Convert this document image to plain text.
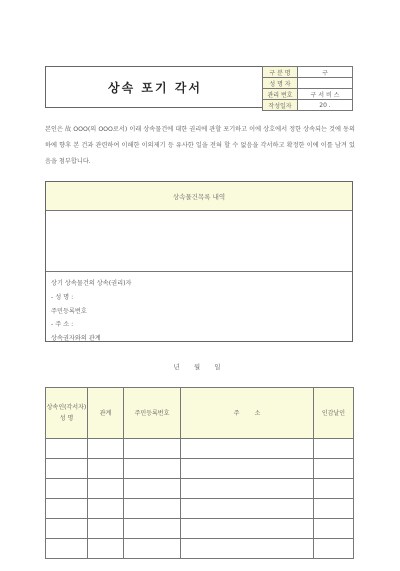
상속 포기 각서
구 분 명	구
성 명 자	
관리 번호	구 서 비 스
작성일자	20 .
본인은 故 OOO(의 OOO로서) 이래 상속물건에 대한 권리에 관할 포기하고 이에 상호에서 정한 상속되는 것에 동의하에 향후 본 건과 관련하여 이해한 이의제기 등 유사한 일을 전혀 할 수 없음을 각서하고 확정한 이에 이를 남겨 있음을 첨부합니다.
상속물건목록 내역
상기 상속물건의 상속(권리)자
- 성 명 :
주민등록번호
- 주 소 :
상속권자와의 관계
년 월 일
상속인(각서자)
성 명	관계	주민등록번호	주        소	인감날인
